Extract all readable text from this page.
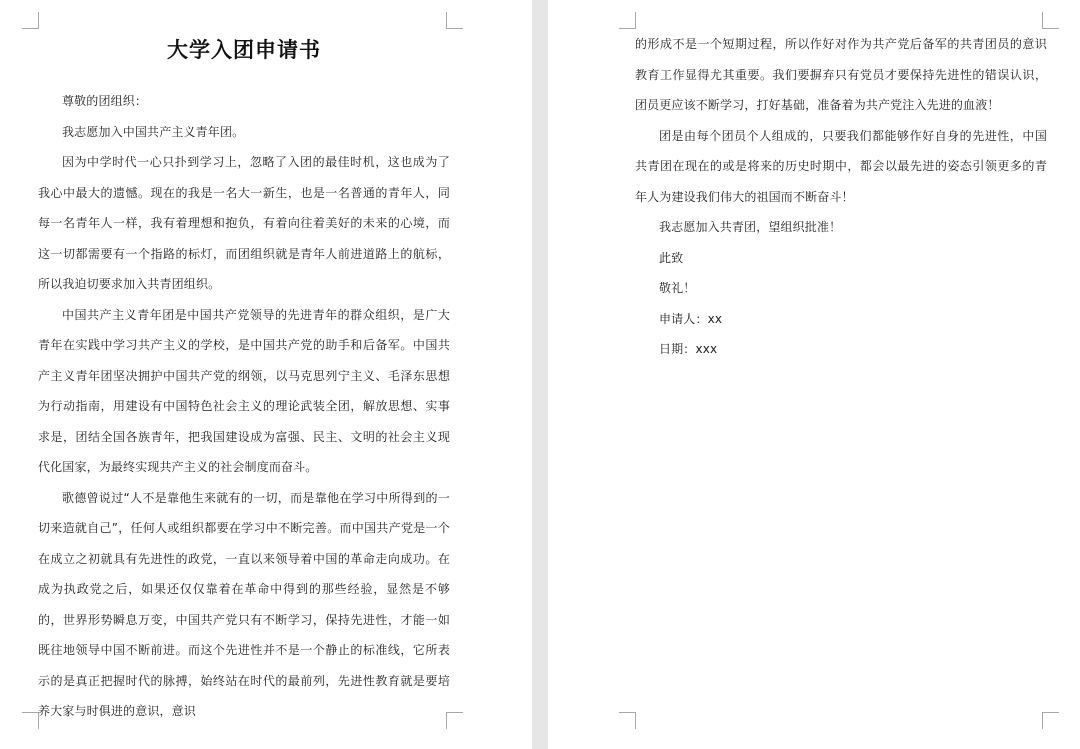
大学入团申请书

尊敬的团组织：

我志愿加入中国共产主义青年团。

因为中学时代一心只扑到学习上，忽略了入团的最佳时机，这也成为了我心中最大的遗憾。现在的我是一名大一新生，也是一名普通的青年人，同每一名青年人一样，我有着理想和抱负，有着向往着美好的未来的心境，而这一切都需要有一个指路的标灯，而团组织就是青年人前进道路上的航标，所以我迫切要求加入共青团组织。

中国共产主义青年团是中国共产党领导的先进青年的群众组织，是广大青年在实践中学习共产主义的学校，是中国共产党的助手和后备军。中国共产主义青年团坚决拥护中国共产党的纲领，以马克思列宁主义、毛泽东思想为行动指南，用建设有中国特色社会主义的理论武装全团，解放思想、实事求是，团结全国各族青年，把我国建设成为富强、民主、文明的社会主义现代化国家，为最终实现共产主义的社会制度而奋斗。

歌德曾说过“人不是靠他生来就有的一切，而是靠他在学习中所得到的一切来造就自己”，任何人或组织都要在学习中不断完善。而中国共产党是一个在成立之初就具有先进性的政党，一直以来领导着中国的革命走向成功。在成为执政党之后，如果还仅仅靠着在革命中得到的那些经验，显然是不够的，世界形势瞬息万变，中国共产党只有不断学习，保持先进性，才能一如既往地领导中国不断前进。而这个先进性并不是一个静止的标准线，它所表示的是真正把握时代的脉搏，始终站在时代的最前列，先进性教育就是要培养大家与时俱进的意识，意识

的形成不是一个短期过程，所以作好对作为共产党后备军的共青团员的意识教育工作显得尤其重要。我们要摒弃只有党员才要保持先进性的错误认识，团员更应该不断学习，打好基础，准备着为共产党注入先进的血液！

团是由每个团员个人组成的，只要我们都能够作好自身的先进性，中国共青团在现在的或是将来的历史时期中，都会以最先进的姿态引领更多的青年人为建设我们伟大的祖国而不断奋斗！

我志愿加入共青团，望组织批准！

此致

敬礼！

申请人：xx

日期：xxx
